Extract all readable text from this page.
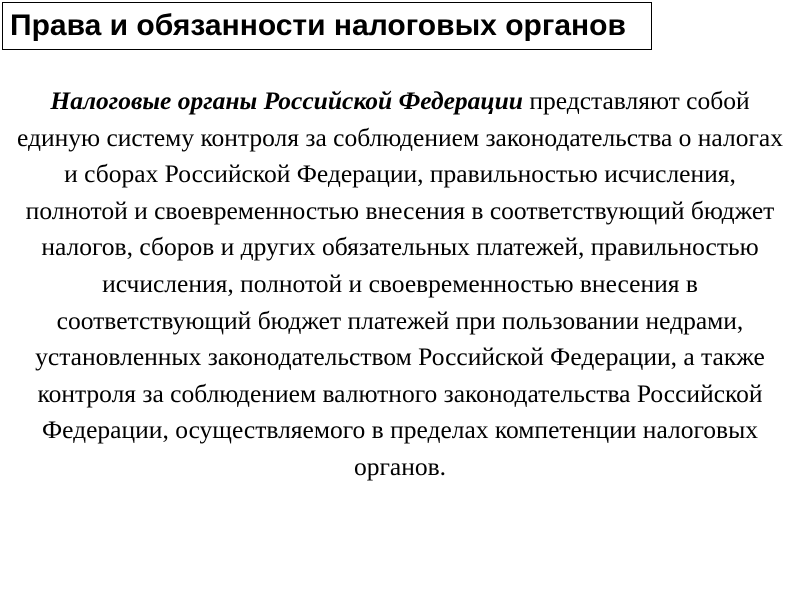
Права и обязанности налоговых органов

Налоговые органы Российской Федерации представляют собой единую систему контроля за соблюдением законодательства о налогах и сборах Российской Федерации, правильностью исчисления, полнотой и своевременностью внесения в соответствующий бюджет налогов, сборов и других обязательных платежей, правильностью исчисления, полнотой и своевременностью внесения в соответствующий бюджет платежей при пользовании недрами, установленных законодательством Российской Федерации, а также контроля за соблюдением валютного законодательства Российской Федерации, осуществляемого в пределах компетенции налоговых органов.
